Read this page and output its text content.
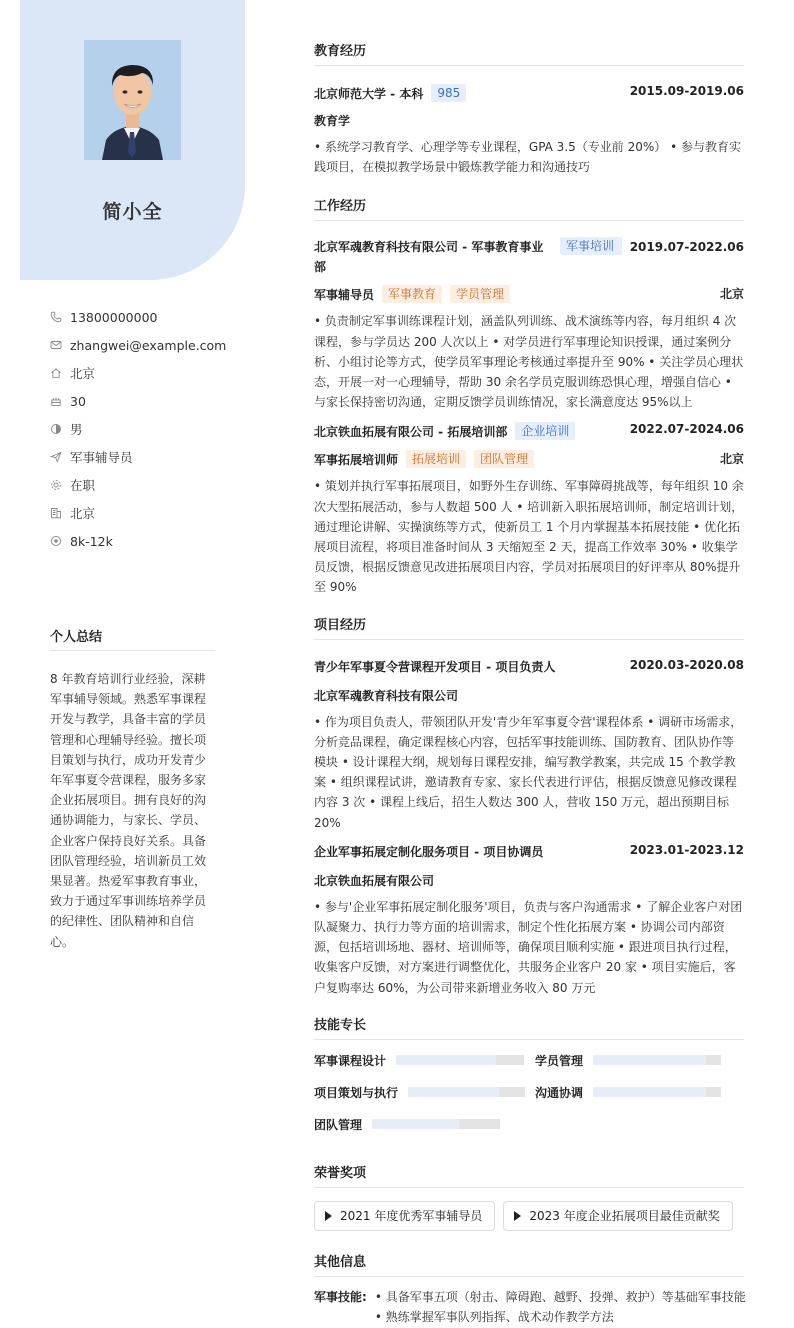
简小全
13800000000
zhangwei@example.com
北京
30
男
军事辅导员
在职
北京
8k-12k
个人总结

8 年教育培训行业经验，深耕军事辅导领域。熟悉军事课程开发与教学，具备丰富的学员管理和心理辅导经验。擅长项目策划与执行，成功开发青少年军事夏令营课程，服务多家企业拓展项目。拥有良好的沟通协调能力，与家长、学员、企业客户保持良好关系。具备团队管理经验，培训新员工效果显著。热爱军事教育事业，致力于通过军事训练培养学员的纪律性、团队精神和自信心。

教育经历
北京师范大学 - 本科	985	2015.09-2019.06
教育学
• 系统学习教育学、心理学等专业课程，GPA 3.5（专业前 20%） • 参与教育实践项目，在模拟教学场景中锻炼教学能力和沟通技巧
工作经历
北京军魂教育科技有限公司 - 军事教育事业部
军事培训	2019.07-2022.06
军事辅导员	军事教育	学员管理	北京
• 负责制定军事训练课程计划，涵盖队列训练、战术演练等内容，每月组织 4 次课程，参与学员达 200 人次以上 • 对学员进行军事理论知识授课，通过案例分析、小组讨论等方式，使学员军事理论考核通过率提升至 90% • 关注学员心理状态，开展一对一心理辅导，帮助 30 余名学员克服训练恐惧心理，增强自信心 • 与家长保持密切沟通，定期反馈学员训练情况，家长满意度达 95%以上
北京铁血拓展有限公司 - 拓展培训部	企业培训	2022.07-2024.06
军事拓展培训师	拓展培训	团队管理	北京
• 策划并执行军事拓展项目，如野外生存训练、军事障碍挑战等，每年组织 10 余次大型拓展活动，参与人数超 500 人 • 培训新入职拓展培训师，制定培训计划，通过理论讲解、实操演练等方式，使新员工 1 个月内掌握基本拓展技能 • 优化拓展项目流程，将项目准备时间从 3 天缩短至 2 天，提高工作效率 30% • 收集学员反馈，根据反馈意见改进拓展项目内容，学员对拓展项目的好评率从 80%提升至 90%
项目经历
青少年军事夏令营课程开发项目 - 项目负责人	2020.03-2020.08
北京军魂教育科技有限公司
• 作为项目负责人，带领团队开发'青少年军事夏令营'课程体系 • 调研市场需求，分析竞品课程，确定课程核心内容，包括军事技能训练、国防教育、团队协作等模块 • 设计课程大纲，规划每日课程安排，编写教学教案，共完成 15 个教学教案 • 组织课程试讲，邀请教育专家、家长代表进行评估，根据反馈意见修改课程内容 3 次 • 课程上线后，招生人数达 300 人，营收 150 万元，超出预期目标 20%
企业军事拓展定制化服务项目 - 项目协调员	2023.01-2023.12
北京铁血拓展有限公司
• 参与'企业军事拓展定制化服务'项目，负责与客户沟通需求 • 了解企业客户对团队凝聚力、执行力等方面的培训需求，制定个性化拓展方案 • 协调公司内部资源，包括培训场地、器材、培训师等，确保项目顺利实施 • 跟进项目执行过程，收集客户反馈，对方案进行调整优化，共服务企业客户 20 家 • 项目实施后，客户复购率达 60%，为公司带来新增业务收入 80 万元
技能专长
军事课程设计	学员管理
项目策划与执行	沟通协调
团队管理
荣誉奖项
2021 年度优秀军事辅导员	2023 年度企业拓展项目最佳贡献奖
其他信息
军事技能: • 具备军事五项（射击、障碍跑、越野、投弹、救护）等基础军事技能
• 熟练掌握军事队列指挥、战术动作教学方法
